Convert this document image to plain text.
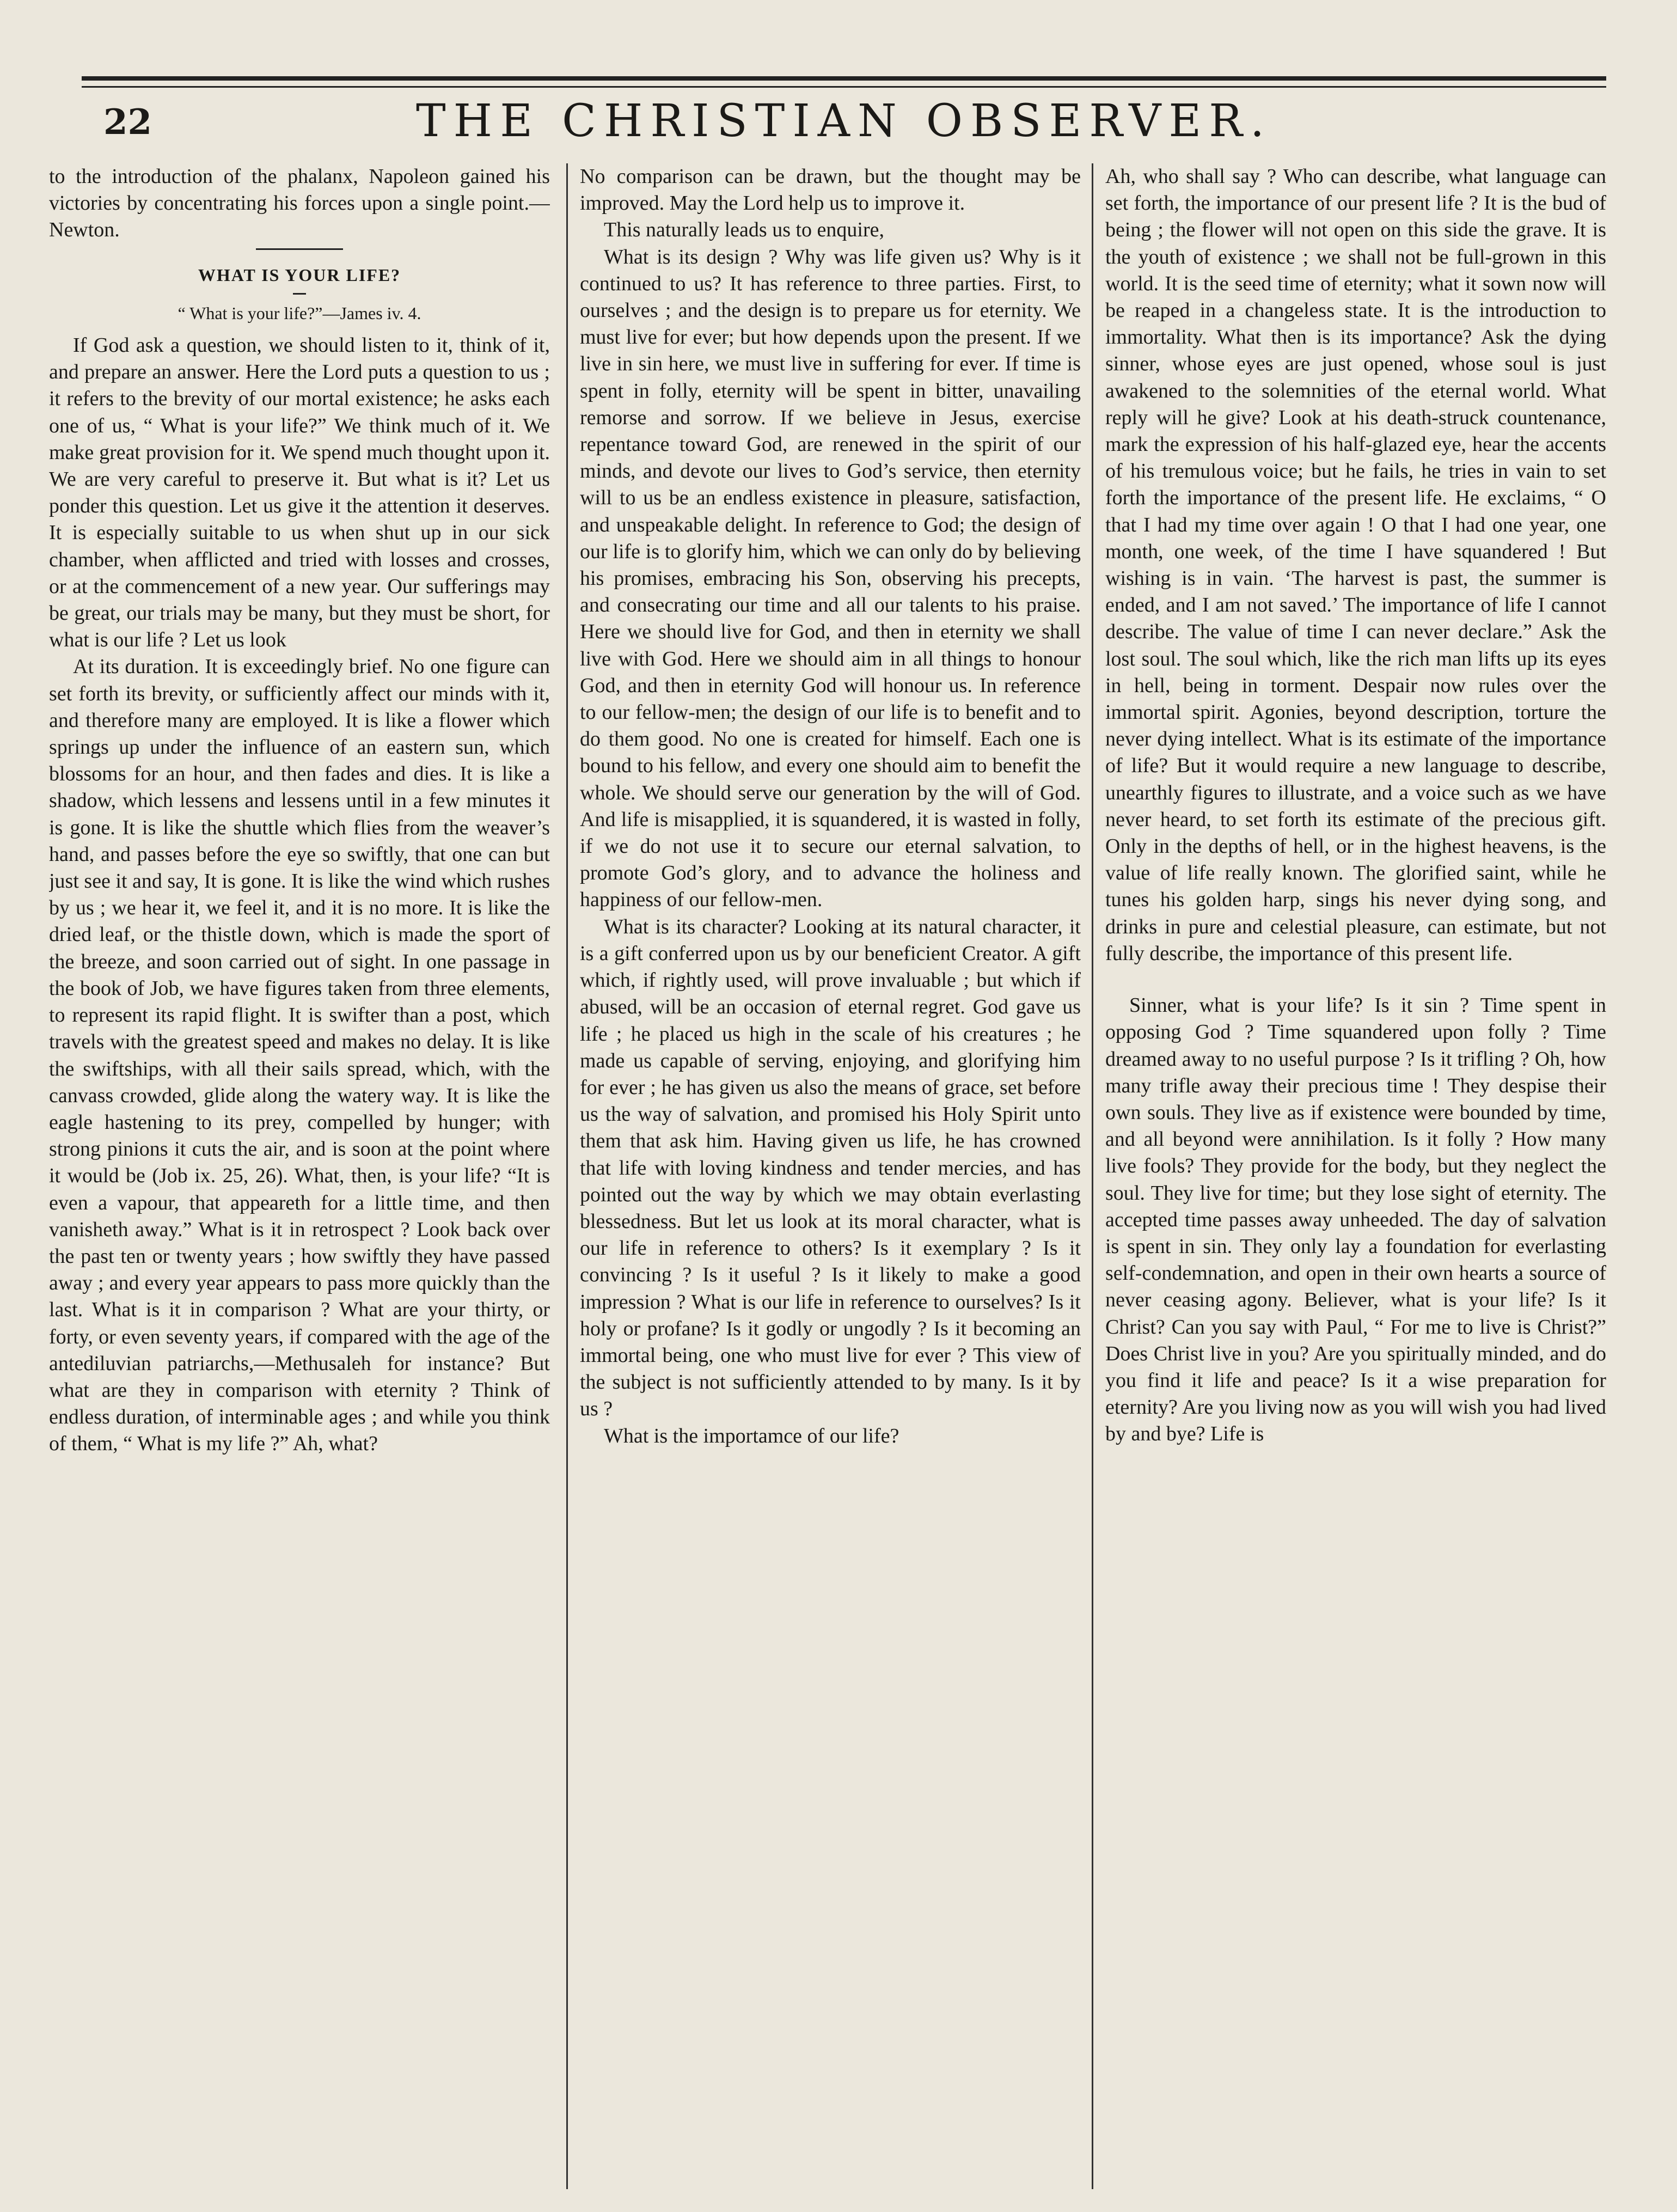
22	THE CHRISTIAN OBSERVER.

to the introduction of the phalanx, Napoleon gained his victories by concentrating his forces upon a single point.—Newton.

WHAT IS YOUR LIFE?
“ What is your life?”—James iv. 4.

If God ask a question, we should listen to it, think of it, and prepare an answer. Here the Lord puts a question to us ; it refers to the brevity of our mortal existence; he asks each one of us, “ What is your life?” We think much of it. We make great provision for it. We spend much thought upon it. We are very careful to preserve it. But what is it? Let us ponder this question. Let us give it the attention it deserves. It is especially suitable to us when shut up in our sick chamber, when afflicted and tried with losses and crosses, or at the commencement of a new year. Our sufferings may be great, our trials may be many, but they must be short, for what is our life ? Let us look

At its duration. It is exceedingly brief. No one figure can set forth its brevity, or sufficiently affect our minds with it, and therefore many are employed. It is like a flower which springs up under the influence of an eastern sun, which blossoms for an hour, and then fades and dies. It is like a shadow, which lessens and lessens until in a few minutes it is gone. It is like the shuttle which flies from the weaver’s hand, and passes before the eye so swiftly, that one can but just see it and say, It is gone. It is like the wind which rushes by us ; we hear it, we feel it, and it is no more. It is like the dried leaf, or the thistle down, which is made the sport of the breeze, and soon carried out of sight. In one passage in the book of Job, we have figures taken from three elements, to represent its rapid flight. It is swifter than a post, which travels with the greatest speed and makes no delay. It is like the swiftships, with all their sails spread, which, with the canvass crowded, glide along the watery way. It is like the eagle hastening to its prey, compelled by hunger; with strong pinions it cuts the air, and is soon at the point where it would be (Job ix. 25, 26). What, then, is your life? “It is even a vapour, that appeareth for a little time, and then vanisheth away.” What is it in retrospect ? Look back over the past ten or twenty years ; how swiftly they have passed away ; and every year appears to pass more quickly than the last. What is it in comparison ? What are your thirty, or forty, or even seventy years, if compared with the age of the antediluvian patriarchs,—Methusaleh for instance? But what are they in comparison with eternity ? Think of endless duration, of interminable ages ; and while you think of them, “ What is my life ?” Ah, what?

No comparison can be drawn, but the thought may be improved. May the Lord help us to improve it.

This naturally leads us to enquire,

What is its design ? Why was life given us? Why is it continued to us? It has reference to three parties. First, to ourselves ; and the design is to prepare us for eternity. We must live for ever; but how depends upon the present. If we live in sin here, we must live in suffering for ever. If time is spent in folly, eternity will be spent in bitter, unavailing remorse and sorrow. If we believe in Jesus, exercise repentance toward God, are renewed in the spirit of our minds, and devote our lives to God’s service, then eternity will to us be an endless existence in pleasure, satisfaction, and unspeakable delight. In reference to God; the design of our life is to glorify him, which we can only do by believing his promises, embracing his Son, observing his precepts, and consecrating our time and all our talents to his praise. Here we should live for God, and then in eternity we shall live with God. Here we should aim in all things to honour God, and then in eternity God will honour us. In reference to our fellow-men; the design of our life is to benefit and to do them good. No one is created for himself. Each one is bound to his fellow, and every one should aim to benefit the whole. We should serve our generation by the will of God. And life is misapplied, it is squandered, it is wasted in folly, if we do not use it to secure our eternal salvation, to promote God’s glory, and to advance the holiness and happiness of our fellow-men.

What is its character? Looking at its natural character, it is a gift conferred upon us by our beneficient Creator. A gift which, if rightly used, will prove invaluable ; but which if abused, will be an occasion of eternal regret. God gave us life ; he placed us high in the scale of his creatures ; he made us capable of serving, enjoying, and glorifying him for ever ; he has given us also the means of grace, set before us the way of salvation, and promised his Holy Spirit unto them that ask him. Having given us life, he has crowned that life with loving kindness and tender mercies, and has pointed out the way by which we may obtain everlasting blessedness. But let us look at its moral character, what is our life in reference to others? Is it exemplary ? Is it convincing ? Is it useful ? Is it likely to make a good impression ? What is our life in reference to ourselves? Is it holy or profane? Is it godly or ungodly ? Is it becoming an immortal being, one who must live for ever ? This view of the subject is not sufficiently attended to by many. Is it by us ?

What is the importamce of our life?

Ah, who shall say ? Who can describe, what language can set forth, the importance of our present life ? It is the bud of being ; the flower will not open on this side the grave. It is the youth of existence ; we shall not be full-grown in this world. It is the seed time of eternity; what it sown now will be reaped in a changeless state. It is the introduction to immortality. What then is its importance? Ask the dying sinner, whose eyes are just opened, whose soul is just awakened to the solemnities of the eternal world. What reply will he give? Look at his death-struck countenance, mark the expression of his half-glazed eye, hear the accents of his tremulous voice; but he fails, he tries in vain to set forth the importance of the present life. He exclaims, “ O that I had my time over again ! O that I had one year, one month, one week, of the time I have squandered ! But wishing is in vain. ‘The harvest is past, the summer is ended, and I am not saved.’ The importance of life I cannot describe. The value of time I can never declare.” Ask the lost soul. The soul which, like the rich man lifts up its eyes in hell, being in torment. Despair now rules over the immortal spirit. Agonies, beyond description, torture the never dying intellect. What is its estimate of the importance of life? But it would require a new language to describe, unearthly figures to illustrate, and a voice such as we have never heard, to set forth its estimate of the precious gift. Only in the depths of hell, or in the highest heavens, is the value of life really known. The glorified saint, while he tunes his golden harp, sings his never dying song, and drinks in pure and celestial pleasure, can estimate, but not fully describe, the importance of this present life.

Sinner, what is your life? Is it sin ? Time spent in opposing God ? Time squandered upon folly ? Time dreamed away to no useful purpose ? Is it trifling ? Oh, how many trifle away their precious time ! They despise their own souls. They live as if existence were bounded by time, and all beyond were annihilation. Is it folly ? How many live fools? They provide for the body, but they neglect the soul. They live for time; but they lose sight of eternity. The accepted time passes away unheeded. The day of salvation is spent in sin. They only lay a foundation for everlasting self-condemnation, and open in their own hearts a source of never ceasing agony. Believer, what is your life? Is it Christ? Can you say with Paul, “ For me to live is Christ?” Does Christ live in you? Are you spiritually minded, and do you find it life and peace? Is it a wise preparation for eternity? Are you living now as you will wish you had lived by and bye? Life is
